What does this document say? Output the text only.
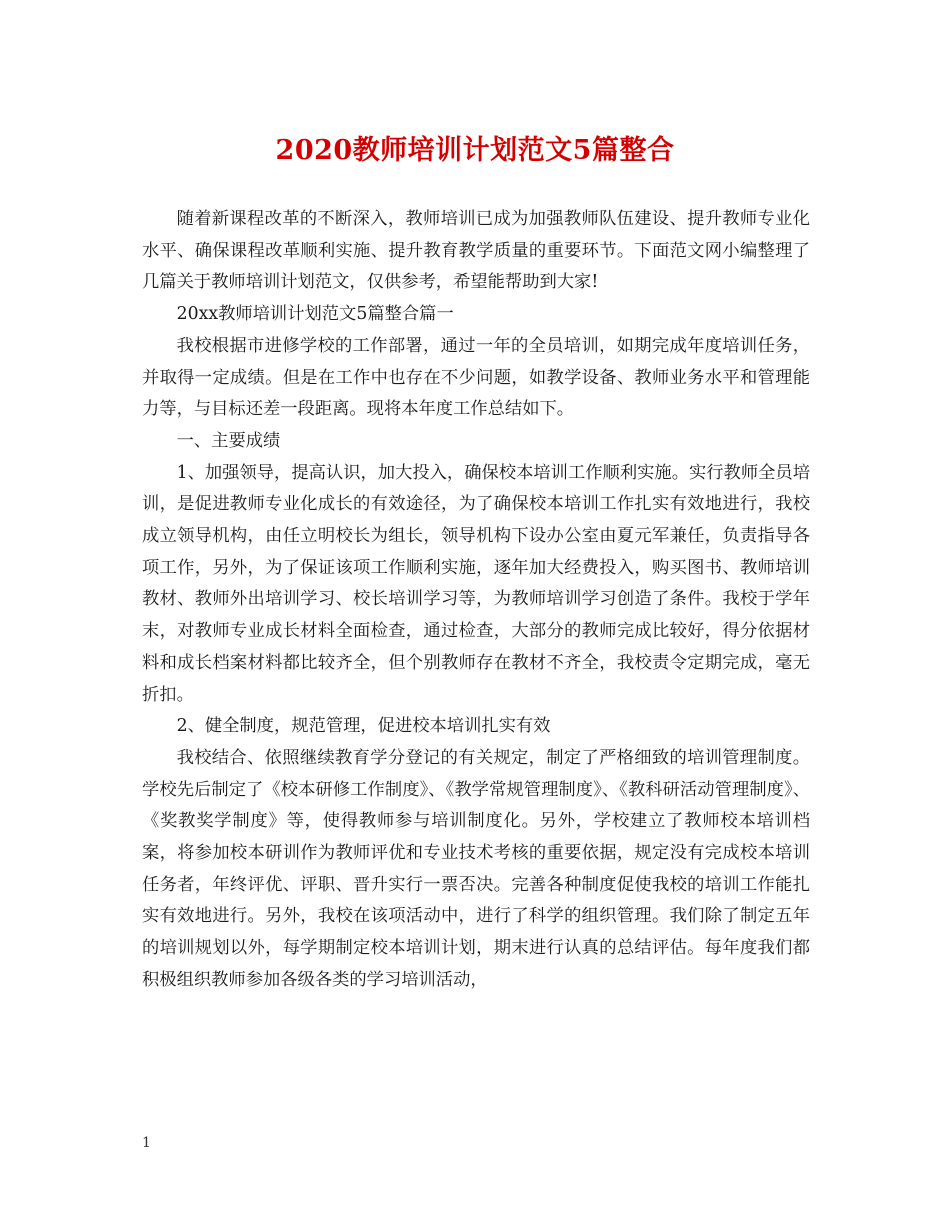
2020教师培训计划范文5篇整合

随着新课程改革的不断深入，教师培训已成为加强教师队伍建设、提升教师专业化水平、确保课程改革顺利实施、提升教育教学质量的重要环节。下面范文网小编整理了几篇关于教师培训计划范文，仅供参考，希望能帮助到大家!

20xx教师培训计划范文5篇整合篇一

我校根据市进修学校的工作部署，通过一年的全员培训，如期完成年度培训任务，并取得一定成绩。但是在工作中也存在不少问题，如教学设备、教师业务水平和管理能力等，与目标还差一段距离。现将本年度工作总结如下。

一、主要成绩

1、加强领导，提高认识，加大投入，确保校本培训工作顺利实施。实行教师全员培训，是促进教师专业化成长的有效途径，为了确保校本培训工作扎实有效地进行，我校成立领导机构，由任立明校长为组长，领导机构下设办公室由夏元军兼任，负责指导各项工作，另外，为了保证该项工作顺利实施，逐年加大经费投入，购买图书、教师培训教材、教师外出培训学习、校长培训学习等，为教师培训学习创造了条件。我校于学年末，对教师专业成长材料全面检查，通过检查，大部分的教师完成比较好，得分依据材料和成长档案材料都比较齐全，但个别教师存在教材不齐全，我校责令定期完成，毫无折扣。

2、健全制度，规范管理，促进校本培训扎实有效

我校结合、依照继续教育学分登记的有关规定，制定了严格细致的培训管理制度。学校先后制定了《校本研修工作制度》、《教学常规管理制度》、《教科研活动管理制度》、《奖教奖学制度》等，使得教师参与培训制度化。另外，学校建立了教师校本培训档案，将参加校本研训作为教师评优和专业技术考核的重要依据，规定没有完成校本培训任务者，年终评优、评职、晋升实行一票否决。完善各种制度促使我校的培训工作能扎实有效地进行。另外，我校在该项活动中，进行了科学的组织管理。我们除了制定五年的培训规划以外，每学期制定校本培训计划，期末进行认真的总结评估。每年度我们都积极组织教师参加各级各类的学习培训活动，

1
